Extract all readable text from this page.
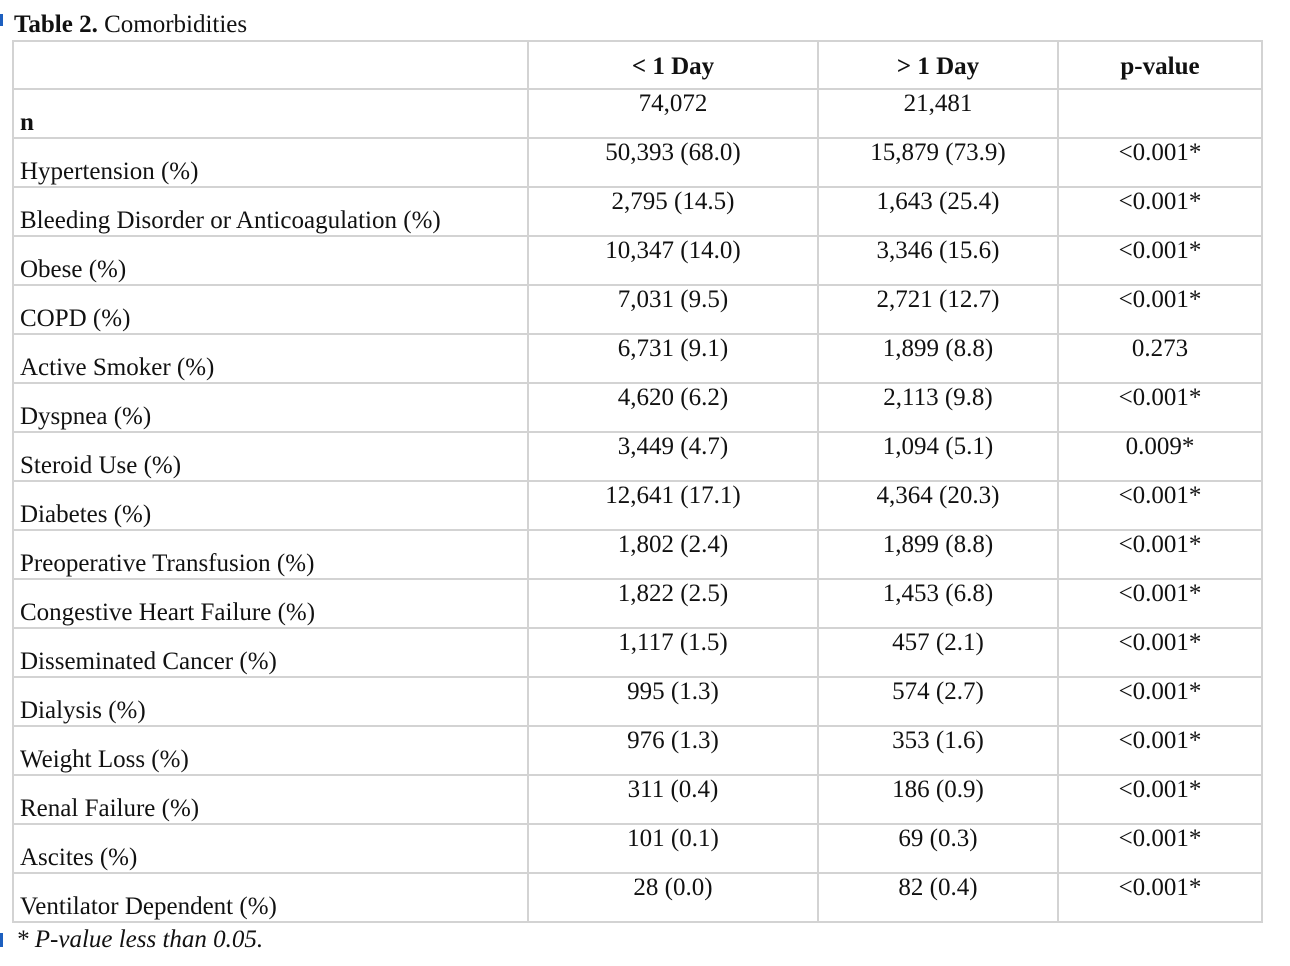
Table 2. Comorbidities
	< 1 Day	> 1 Day	p-value
n	74,072	21,481	
Hypertension (%)	50,393 (68.0)	15,879 (73.9)	<0.001*
Bleeding Disorder or Anticoagulation (%)	2,795 (14.5)	1,643 (25.4)	<0.001*
Obese (%)	10,347 (14.0)	3,346 (15.6)	<0.001*
COPD (%)	7,031 (9.5)	2,721 (12.7)	<0.001*
Active Smoker (%)	6,731 (9.1)	1,899 (8.8)	0.273
Dyspnea (%)	4,620 (6.2)	2,113 (9.8)	<0.001*
Steroid Use (%)	3,449 (4.7)	1,094 (5.1)	0.009*
Diabetes (%)	12,641 (17.1)	4,364 (20.3)	<0.001*
Preoperative Transfusion (%)	1,802 (2.4)	1,899 (8.8)	<0.001*
Congestive Heart Failure (%)	1,822 (2.5)	1,453 (6.8)	<0.001*
Disseminated Cancer (%)	1,117 (1.5)	457 (2.1)	<0.001*
Dialysis (%)	995 (1.3)	574 (2.7)	<0.001*
Weight Loss (%)	976 (1.3)	353 (1.6)	<0.001*
Renal Failure (%)	311 (0.4)	186 (0.9)	<0.001*
Ascites (%)	101 (0.1)	69 (0.3)	<0.001*
Ventilator Dependent (%)	28 (0.0)	82 (0.4)	<0.001*
* P-value less than 0.05.
